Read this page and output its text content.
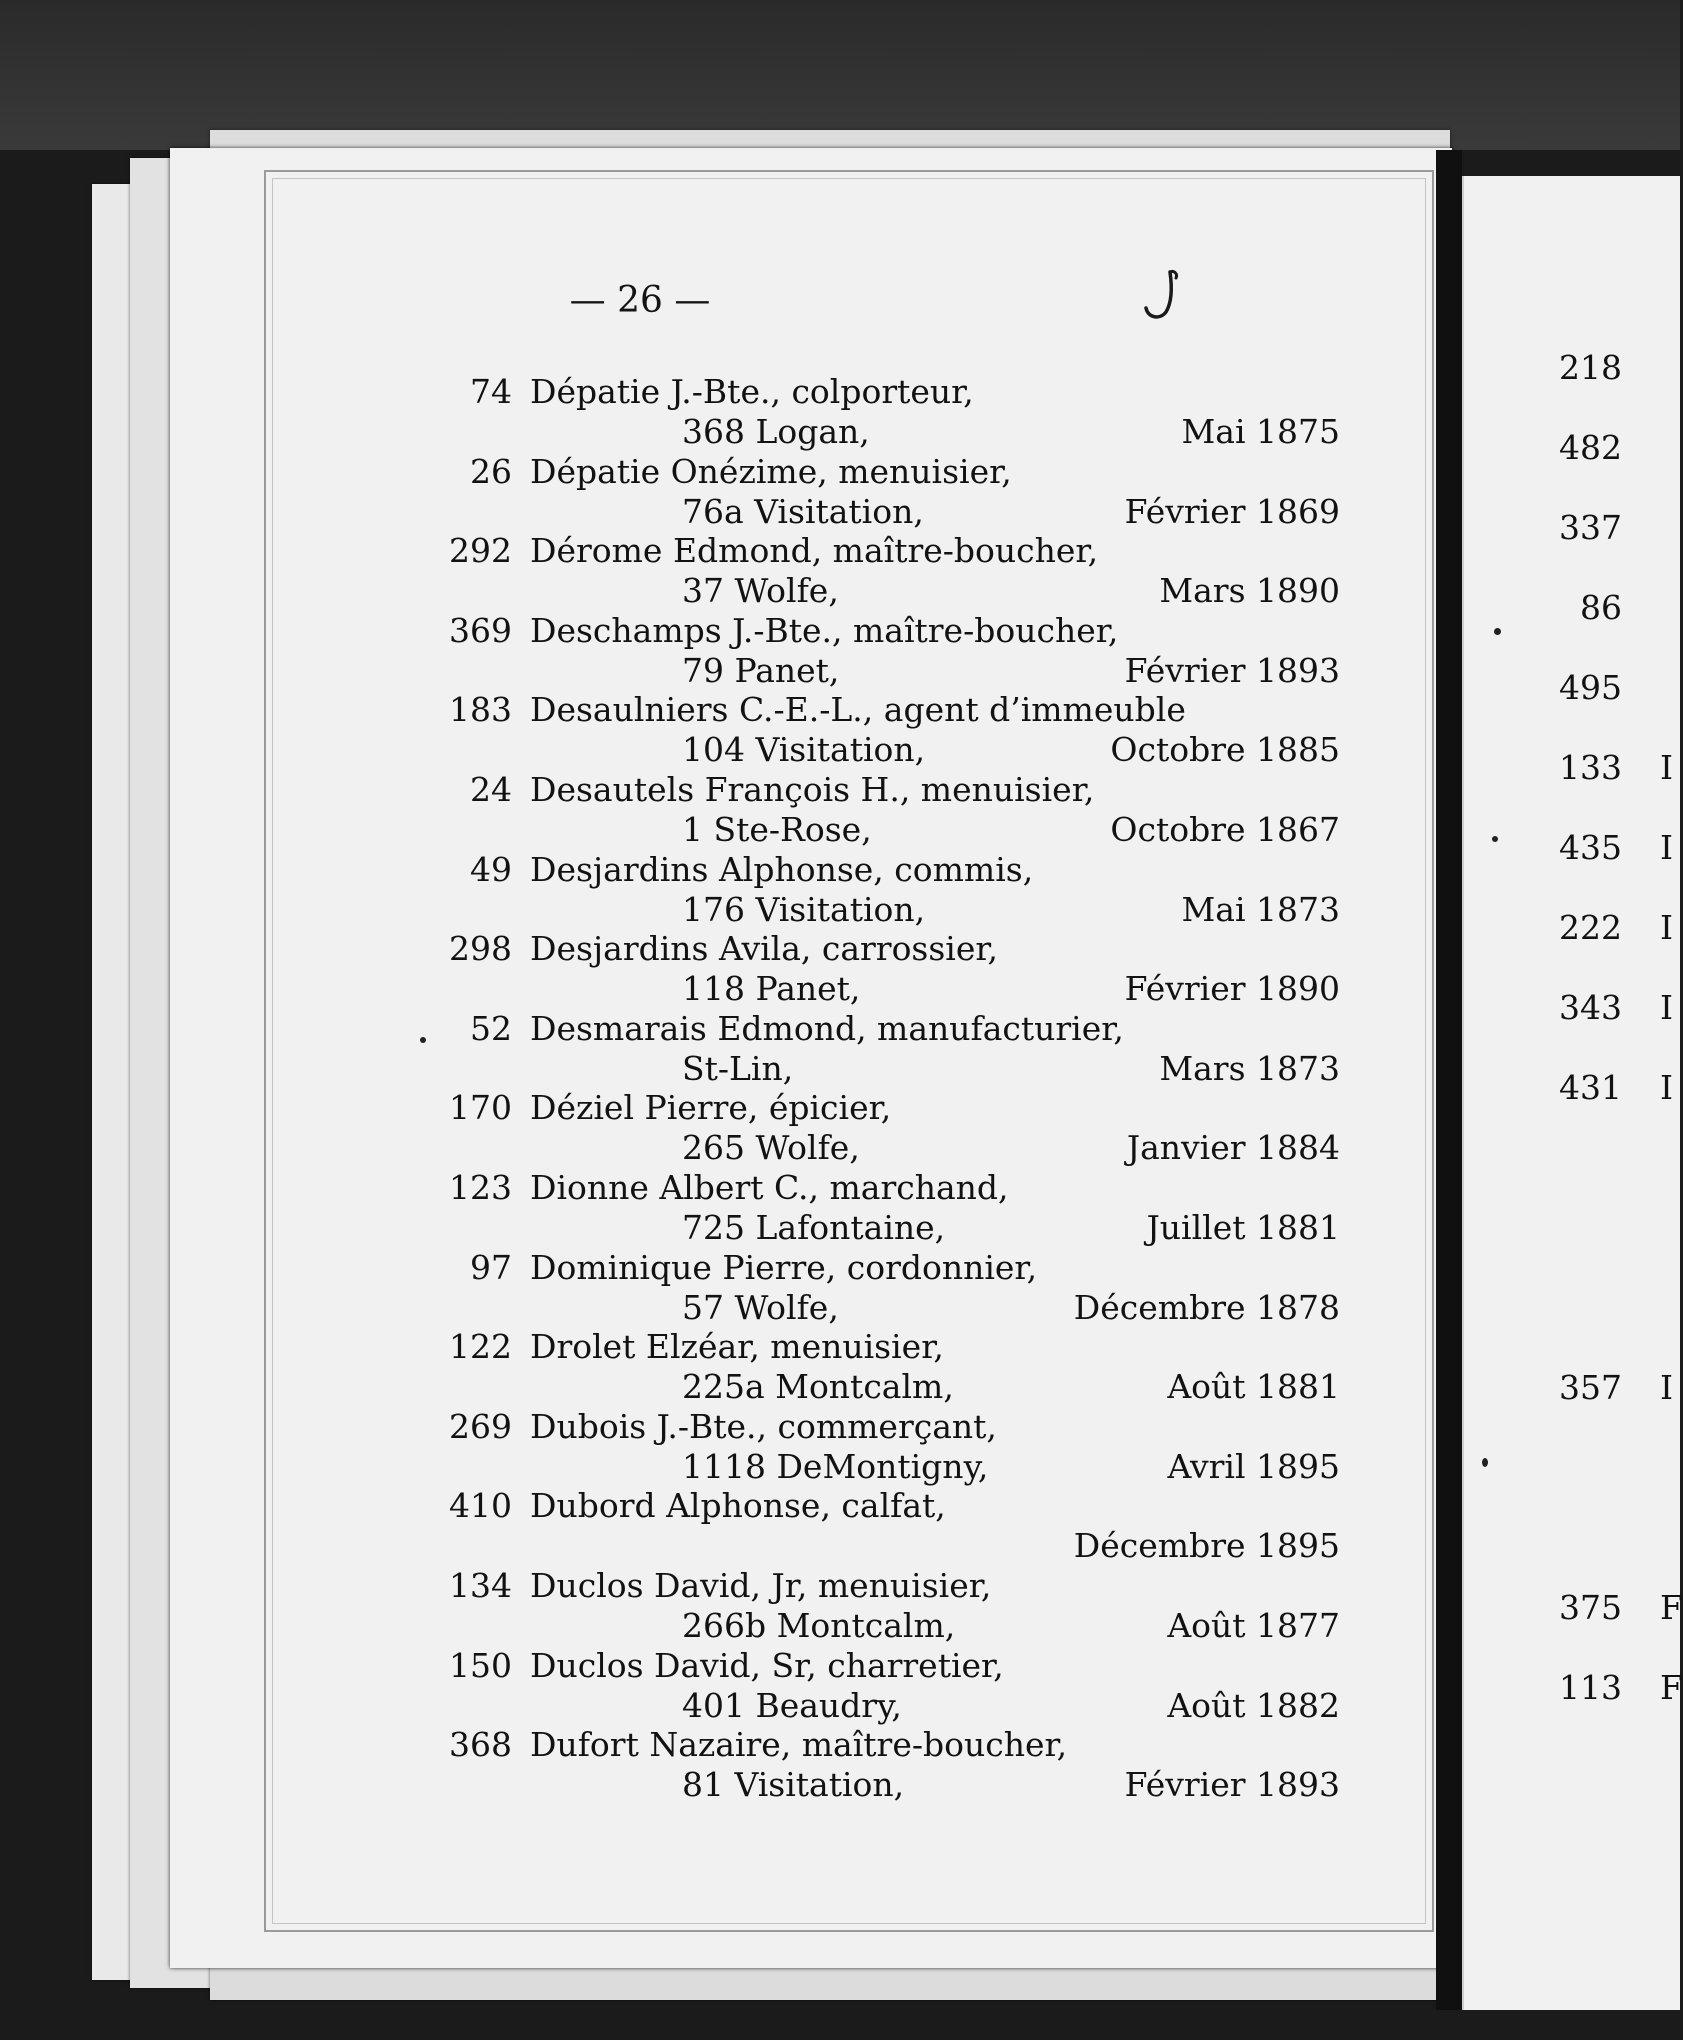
— 26 —
74 Dépatie J.-Bte., colporteur,
368 Logan,	Mai 1875
26 Dépatie Onézime, menuisier,
76a Visitation,	Février 1869
292 Dérome Edmond, maître-boucher,
37 Wolfe,	Mars 1890
369 Deschamps J.-Bte., maître-boucher,
79 Panet,	Février 1893
183 Desaulniers C.-E.-L., agent d’immeuble
104 Visitation,	Octobre 1885
24 Desautels François H., menuisier,
1 Ste-Rose,	Octobre 1867
49 Desjardins Alphonse, commis,
176 Visitation,	Mai 1873
298 Desjardins Avila, carrossier,
118 Panet,	Février 1890
52 Desmarais Edmond, manufacturier,
St-Lin,	Mars 1873
170 Déziel Pierre, épicier,
265 Wolfe,	Janvier 1884
123 Dionne Albert C., marchand,
725 Lafontaine,	Juillet 1881
97 Dominique Pierre, cordonnier,
57 Wolfe,	Décembre 1878
122 Drolet Elzéar, menuisier,
225a Montcalm,	Août 1881
269 Dubois J.-Bte., commerçant,
1118 DeMontigny,	Avril 1895
410 Dubord Alphonse, calfat,
Décembre 1895
134 Duclos David, Jr, menuisier,
266b Montcalm,	Août 1877
150 Duclos David, Sr, charretier,
401 Beaudry,	Août 1882
368 Dufort Nazaire, maître-boucher,
81 Visitation,	Février 1893
218
482
337
86
495
133 I
435 I
222 I
343 I
431 I
357 I
375 F
113 F
